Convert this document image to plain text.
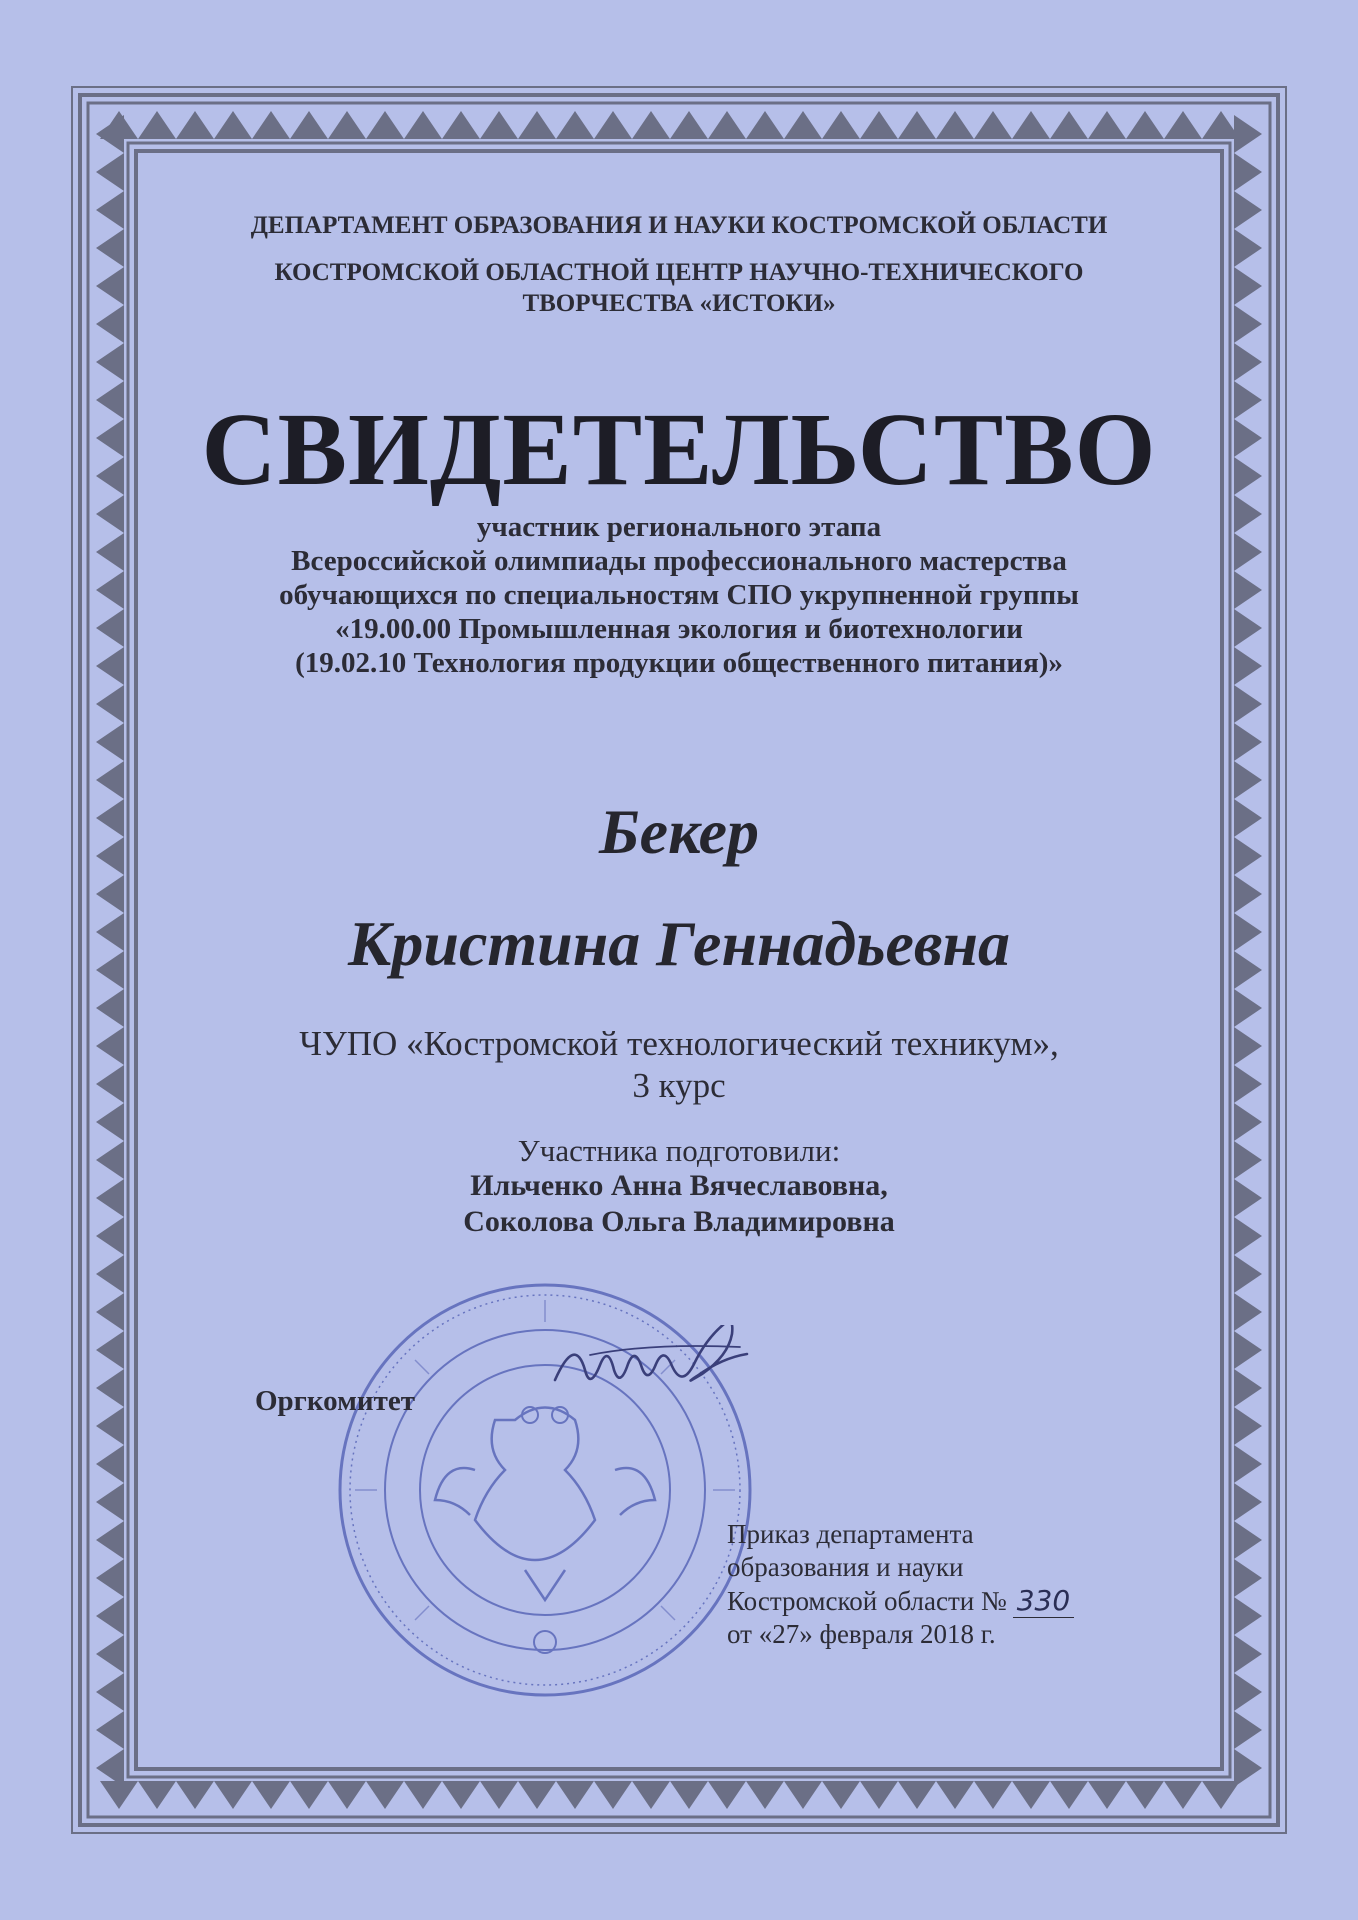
ДЕПАРТАМЕНТ ОБРАЗОВАНИЯ И НАУКИ КОСТРОМСКОЙ ОБЛАСТИ
КОСТРОМСКОЙ ОБЛАСТНОЙ ЦЕНТР НАУЧНО-ТЕХНИЧЕСКОГО
ТВОРЧЕСТВА «ИСТОКИ»
СВИДЕТЕЛЬСТВО
участник регионального этапа
Всероссийской олимпиады профессионального мастерства
обучающихся по специальностям СПО укрупненной группы
«19.00.00 Промышленная экология и биотехнологии
(19.02.10 Технология продукции общественного питания)»
Бекер
Кристина Геннадьевна
ЧУПО «Костромской технологический техникум»,
3 курс
Участника подготовили:
Ильченко Анна Вячеславовна,
Соколова Ольга Владимировна
Оргкомитет
Приказ департамента
образования и науки
Костромской области № 330
от «27» февраля 2018 г.
